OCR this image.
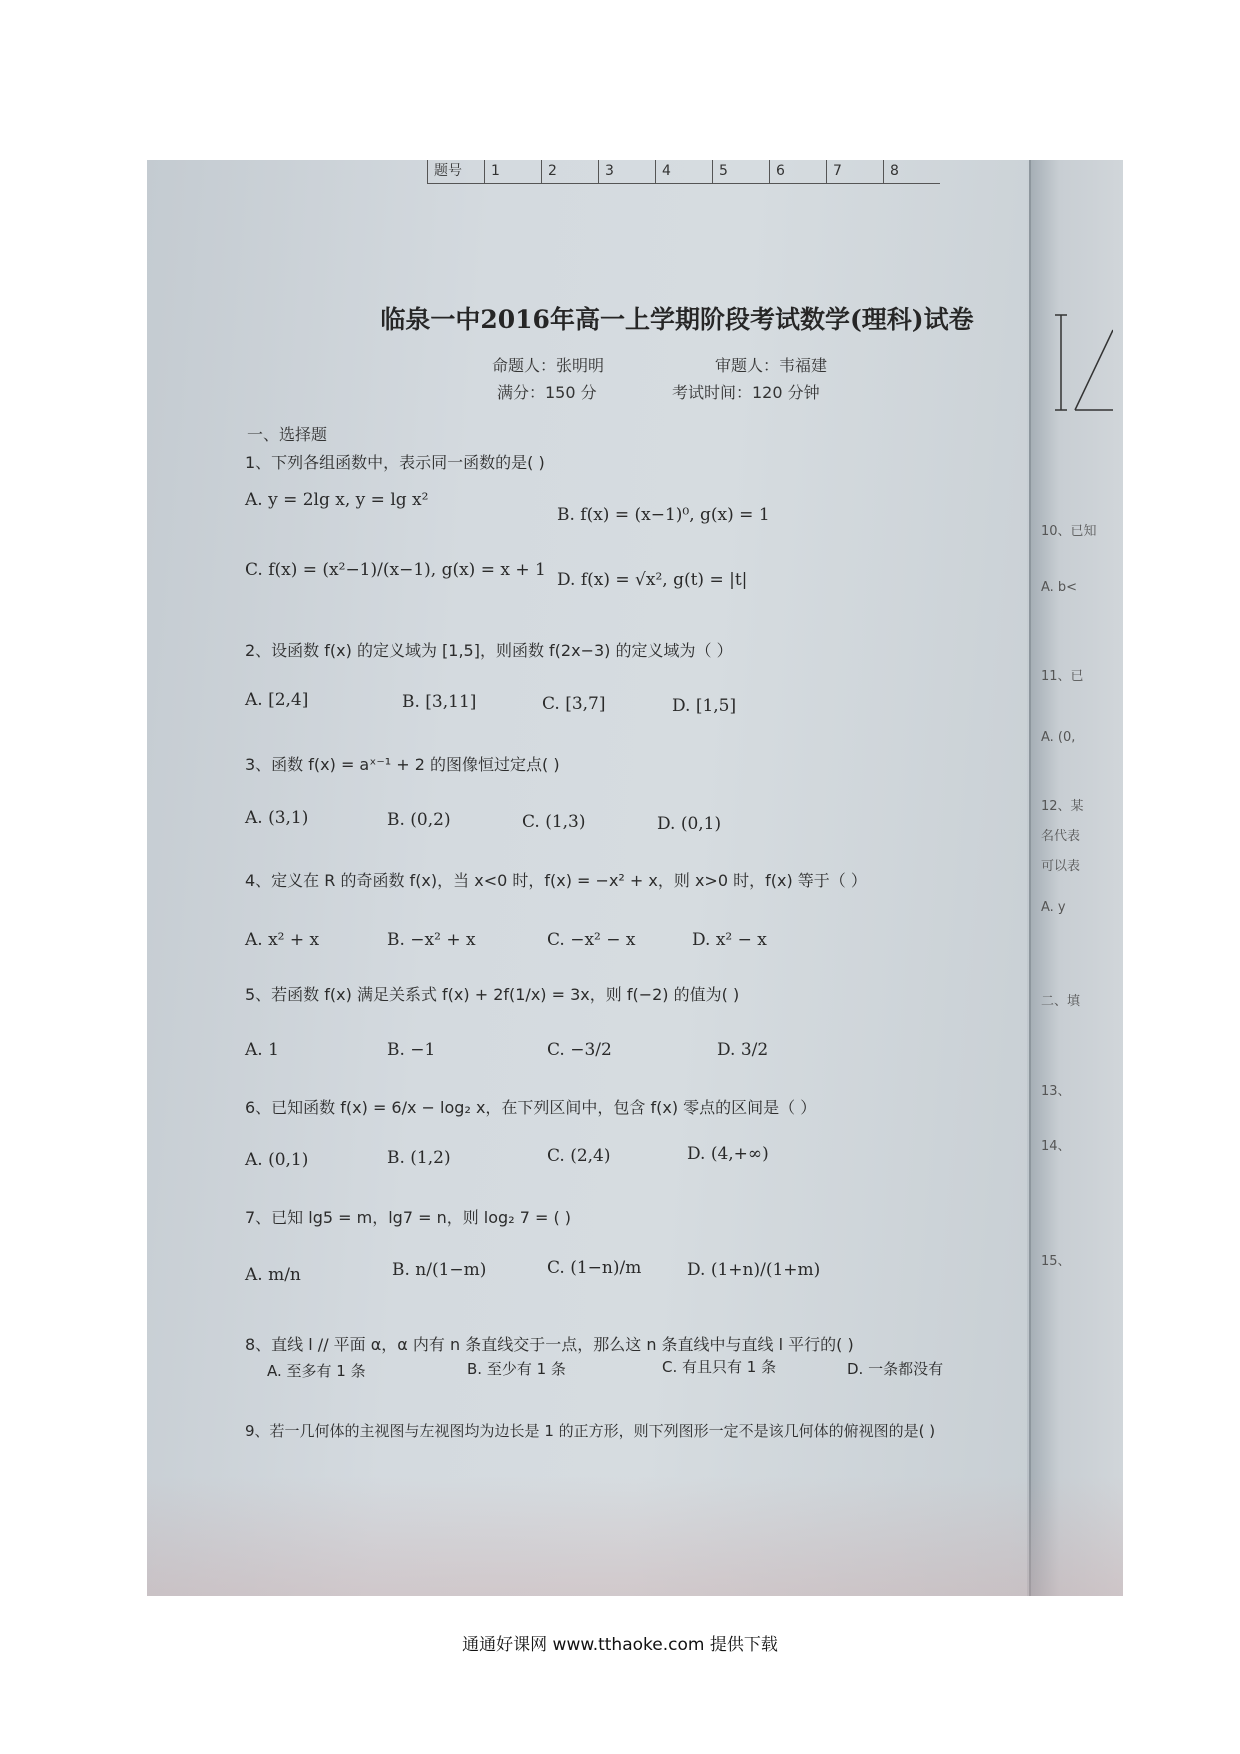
题号	1	2	3	4	5	6	7	8
临泉一中2016年高一上学期阶段考试数学(理科)试卷
命题人：张明明	审题人：韦福建
满分：150 分	考试时间：120 分钟
一、选择题
1、下列各组函数中，表示同一函数的是( )
A. y = 2lg x, y = lg x²
B. f(x) = (x−1)⁰, g(x) = 1
C. f(x) = (x²−1)/(x−1), g(x) = x + 1 D. f(x) = √x², g(t) = |t|
2、设函数 f(x) 的定义域为 [1,5]，则函数 f(2x−3) 的定义域为（ ）
A. [2,4]	B. [3,11]	C. [3,7]	D. [1,5]
3、函数 f(x) = aˣ⁻¹ + 2 的图像恒过定点( )
A. (3,1)	B. (0,2)	C. (1,3)	D. (0,1)
4、定义在 R 的奇函数 f(x)，当 x<0 时，f(x) = −x² + x，则 x>0 时，f(x) 等于（ ）
A. x² + x	B. −x² + x	C. −x² − x	D. x² − x
5、若函数 f(x) 满足关系式 f(x) + 2f(1/x) = 3x，则 f(−2) 的值为( )
A. 1	B. −1	C. −3/2	D. 3/2
6、已知函数 f(x) = 6/x − log₂ x，在下列区间中，包含 f(x) 零点的区间是（ ）
A. (0,1)	B. (1,2)	C. (2,4)	D. (4,+∞)
7、已知 lg5 = m，lg7 = n，则 log₂ 7 = ( )
A. m/n	B. n/(1−m)	C. (1−n)/m	D. (1+n)/(1+m)
8、直线 l // 平面 α，α 内有 n 条直线交于一点，那么这 n 条直线中与直线 l 平行的( )
A. 至多有 1 条	B. 至少有 1 条	C. 有且只有 1 条	D. 一条都没有
9、若一几何体的主视图与左视图均为边长是 1 的正方形，则下列图形一定不是该几何体的俯视图的是( )
10、已知
A. b<
11、已
A. (0,
12、某
名代表
可以表
A. y
二、填
13、
14、
15、
通通好课网 www.tthaoke.com 提供下载
